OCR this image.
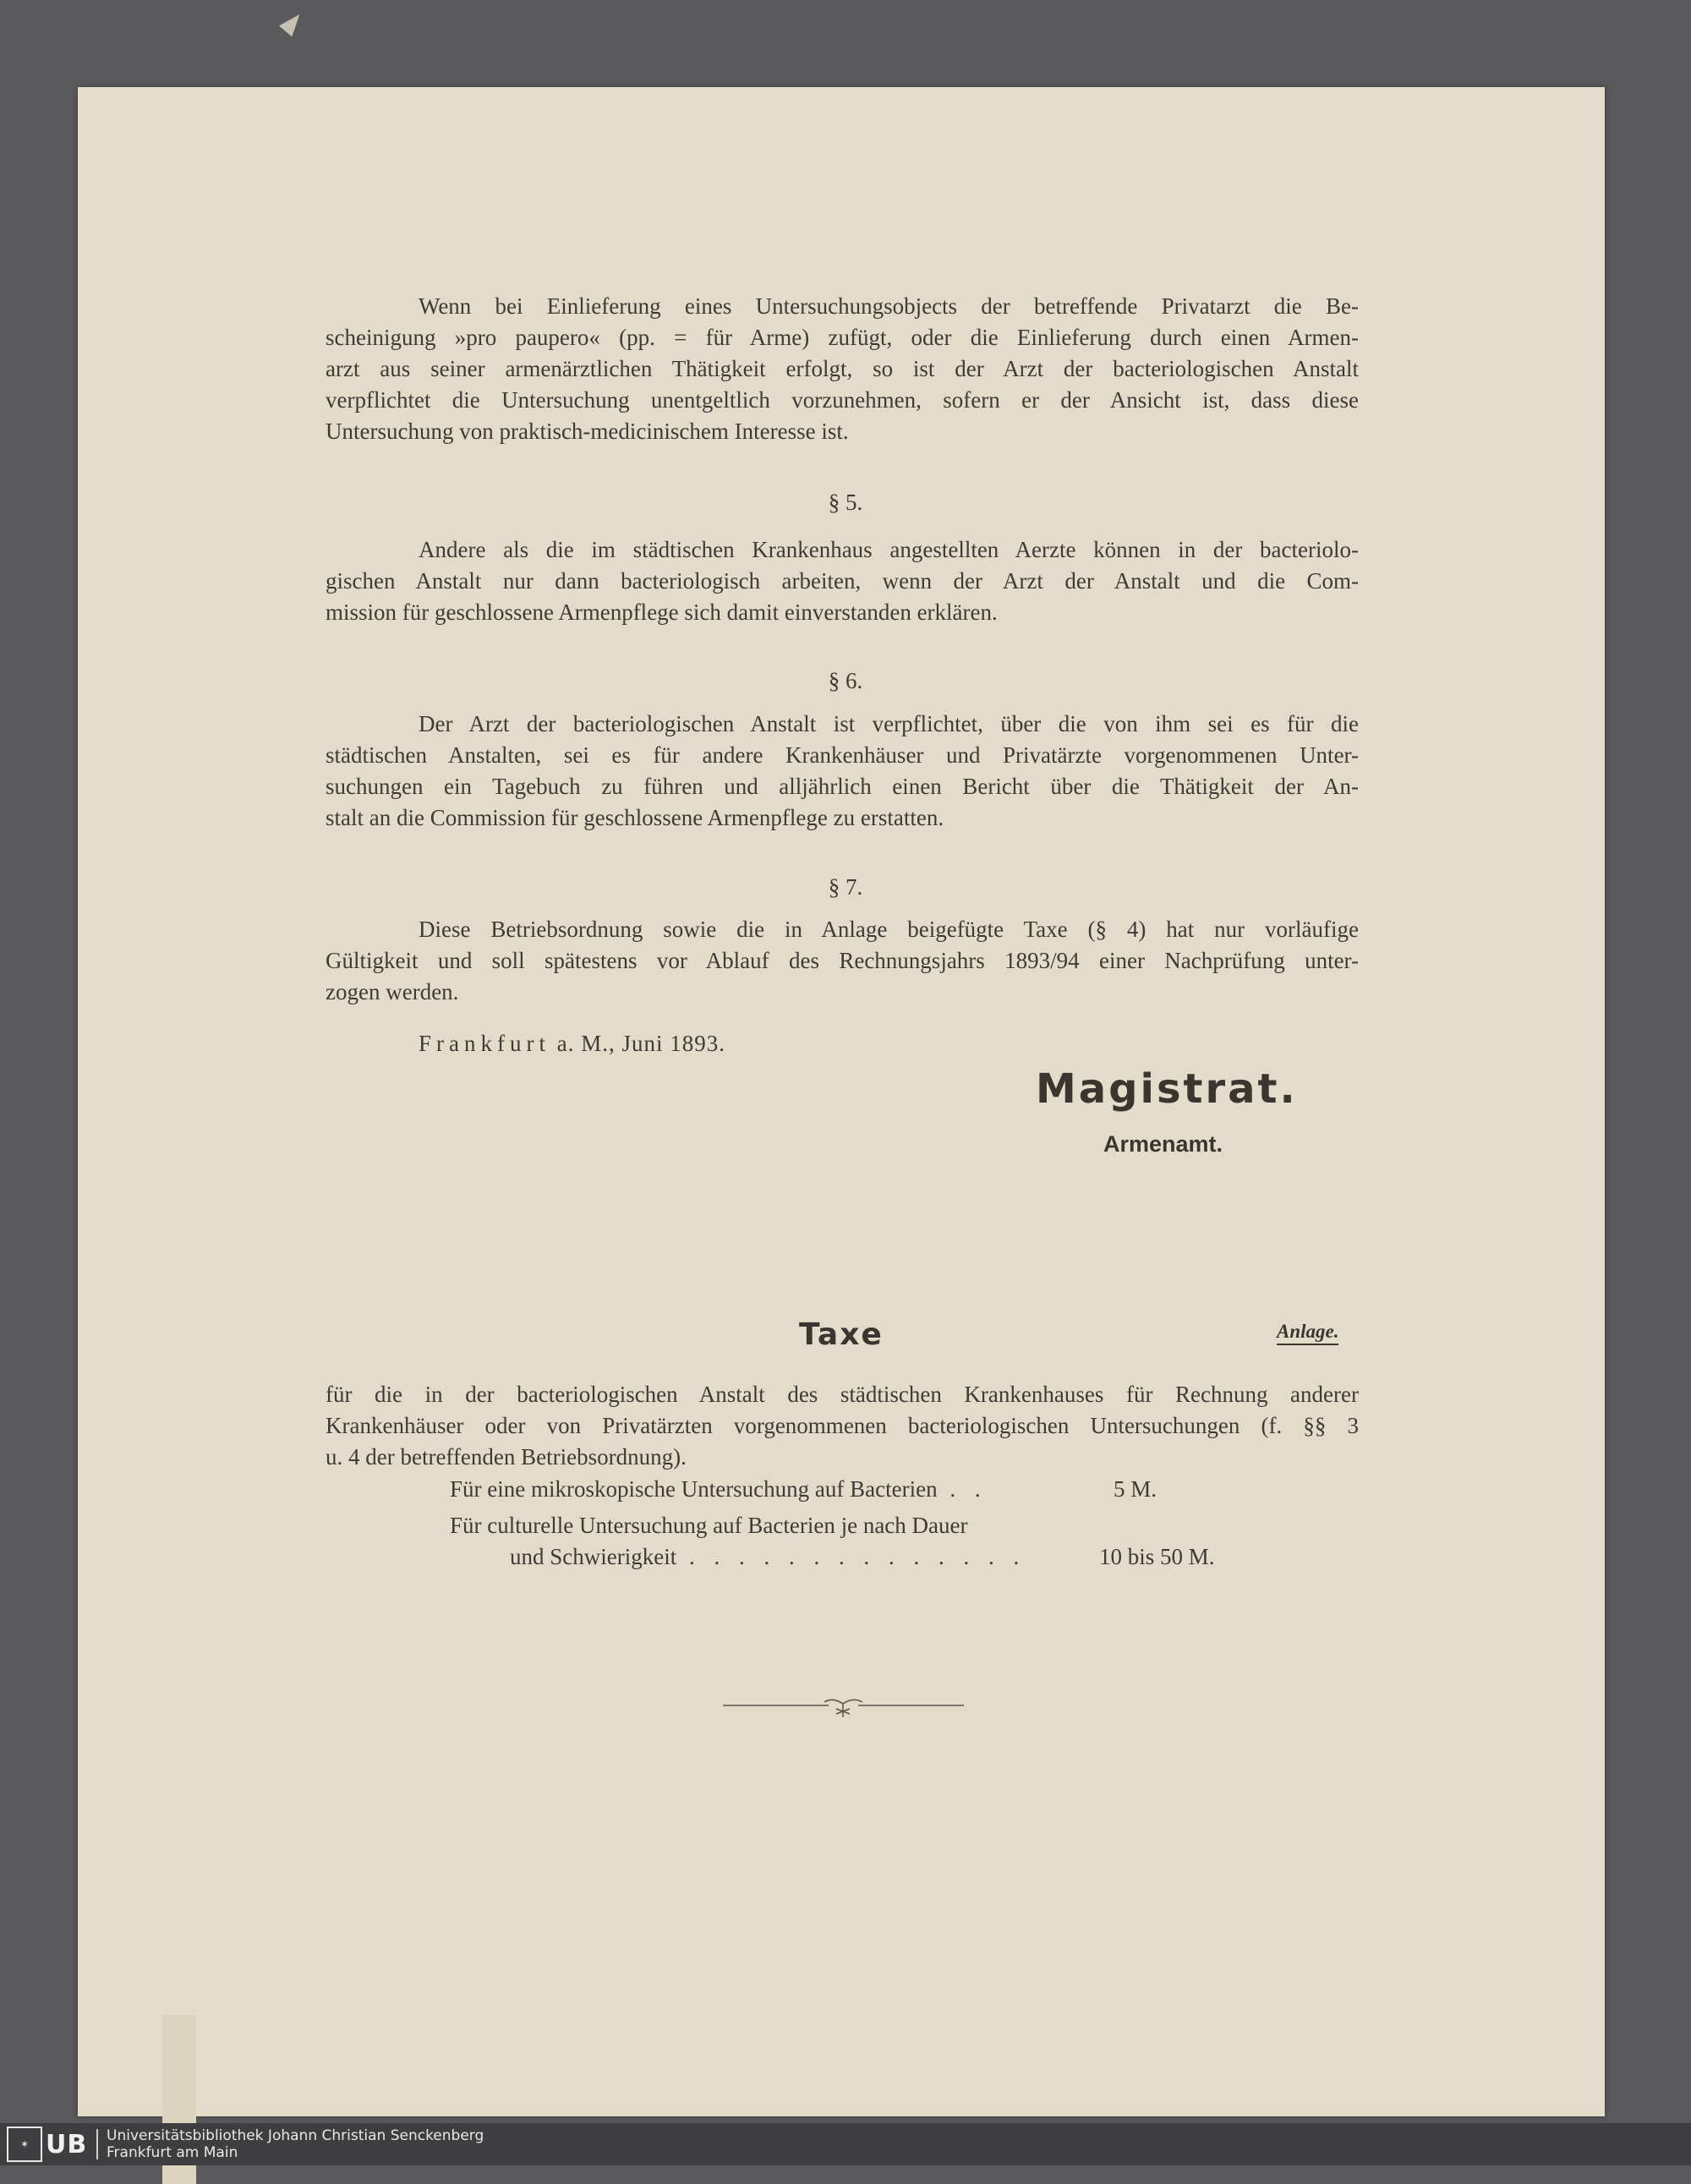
Wenn bei Einlieferung eines Untersuchungsobjects der betreffende Privatarzt die Be-
scheinigung »pro paupero« (pp. = für Arme) zufügt, oder die Einlieferung durch einen Armen-
arzt aus seiner armenärztlichen Thätigkeit erfolgt, so ist der Arzt der bacteriologischen Anstalt
verpflichtet die Untersuchung unentgeltlich vorzunehmen, sofern er der Ansicht ist, dass diese
Untersuchung von praktisch-medicinischem Interesse ist.
§ 5.
Andere als die im städtischen Krankenhaus angestellten Aerzte können in der bacteriolo-
gischen Anstalt nur dann bacteriologisch arbeiten, wenn der Arzt der Anstalt und die Com-
mission für geschlossene Armenpflege sich damit einverstanden erklären.
§ 6.
Der Arzt der bacteriologischen Anstalt ist verpflichtet, über die von ihm sei es für die
städtischen Anstalten, sei es für andere Krankenhäuser und Privatärzte vorgenommenen Unter-
suchungen ein Tagebuch zu führen und alljährlich einen Bericht über die Thätigkeit der An-
stalt an die Commission für geschlossene Armenpflege zu erstatten.
§ 7.
Diese Betriebsordnung sowie die in Anlage beigefügte Taxe (§ 4) hat nur vorläufige
Gültigkeit und soll spätestens vor Ablauf des Rechnungsjahrs 1893/94 einer Nachprüfung unter-
zogen werden.
Frankfurt a. M., Juni 1893.
Magistrat.
Armenamt.
Taxe	Anlage.
für die in der bacteriologischen Anstalt des städtischen Krankenhauses für Rechnung anderer
Krankenhäuser oder von Privatärzten vorgenommenen bacteriologischen Untersuchungen (f. §§ 3
u. 4 der betreffenden Betriebsordnung).
Für eine mikroskopische Untersuchung auf Bacterien . .	5 M.
Für culturelle Untersuchung auf Bacterien je nach Dauer
und Schwierigkeit . . . . . . . . . . . . . .	10 bis 50 M.
✶ UB Universitätsbibliothek Johann Christian Senckenberg
Frankfurt am Main
